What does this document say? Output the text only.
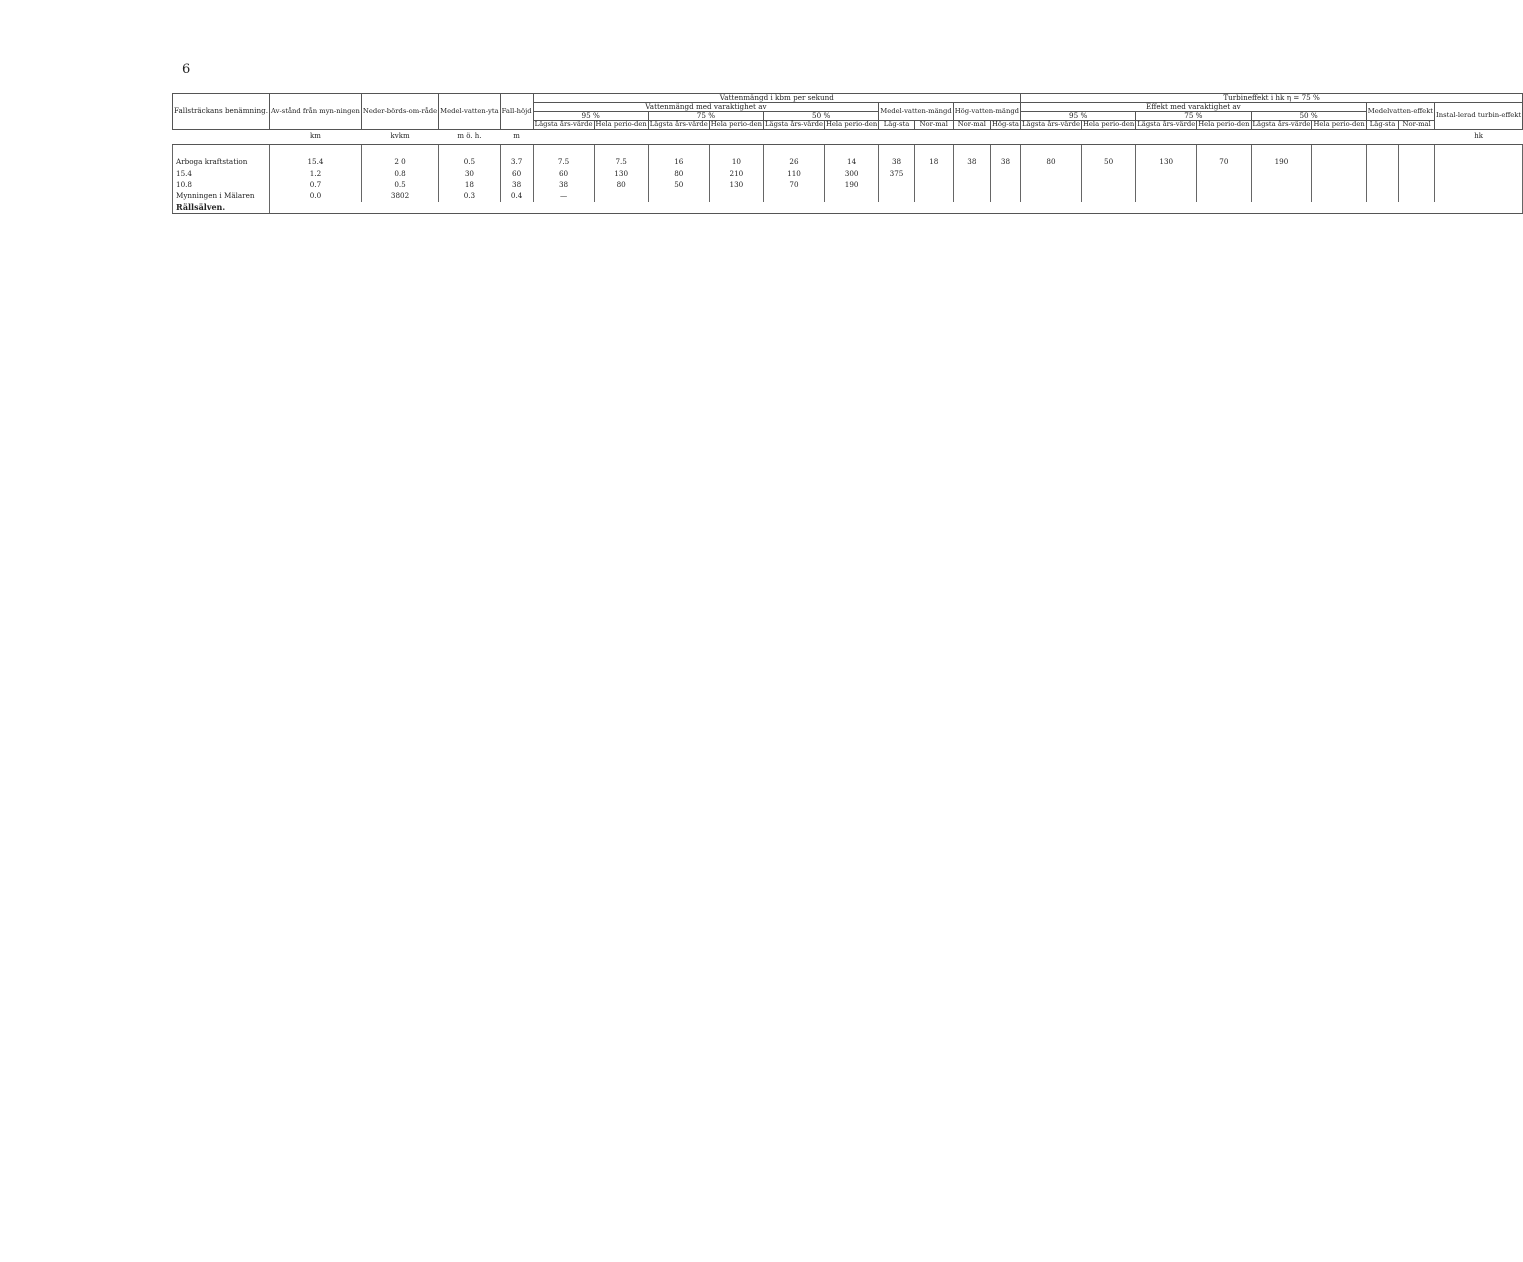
6
Fallsträckans benämning.	Av-stånd från myn-ningen	Neder-börds-om-råde	Medel-vatten-yta	Fall-höjd	Vattenmängd i kbm per sekund										Turbineffekt i hk η = 75 %								
					Vattenmängd med varaktighet av						Medel-vatten-mängd		Hög-vatten-mängd		Effekt med varaktighet av						Medelvatten-effekt		Instal-lerad turbin-effekt
					95 %		75 %		50 %						95 %		75 %		50 %				
					Lägsta års-värde	Hela perio-den	Lägsta års-värde	Hela perio-den	Lägsta års-värde	Hela perio-den	Läg-sta	Nor-mal	Nor-mal	Hög-sta	Lägsta års-värde	Hela perio-den	Lägsta års-värde	Hela perio-den	Lägsta års-värde	Hela perio-den	Läg-sta	Nor-mal	
	km	kvkm	m ö. h.	m																			hk

Arboga kraftstation	15.4	2 0	0.5	3.7	7.5	7.5	16	10	26	14	38	18	38	38	80	50	130	70	190				
15.4	1.2	0.8	30	60	60	130	80	210	110	300	375												
10.8	0.7	0.5	18	38	38	80	50	130	70	190													
Mynningen i Mälaren	0.0	3802	0.3	0.4	—																		
Rällsälven.																							
